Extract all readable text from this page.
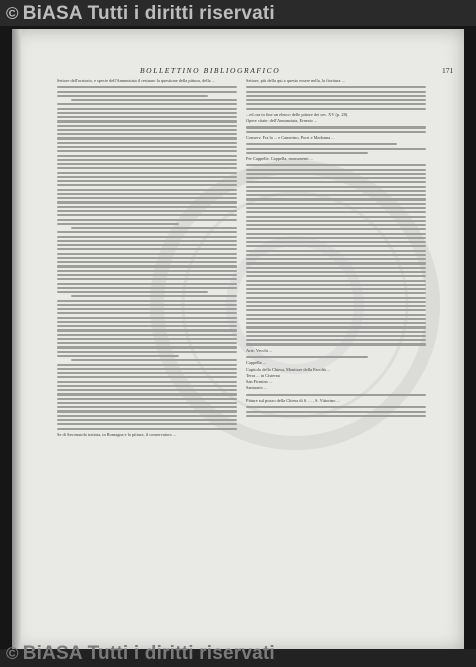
© BiASA Tutti i diritti riservati
BOLLETTINO BIBLIOGRAFICO	171

Settore dell'oratorio, e specie dell'Annunziata il restauro la questione della pittura, della ...

Se di Savonarola trattata, in Romagna e la pittura, il conservatoro ...

Settore, più della qui a questo essere nella, la fioritura ...

...ed ora in fine un elenco delle pitture dei sec. XV (p. 28).

Opere citate: dell'Annunziata, Ernesto ...

Conserv. Fra la ... e Camerino, Porri e Madonna ...

Per Cappelle, Cappella, monumenti ...

Arte, Vecchi ...

Cappella ...

Capitolo della Chiesa, Monitore della Facoltà ...

Terra ... in Cisterna

San Firmino ...

Santuario ...

Pitture sul pozzo della Chiesa di S. ... , S. Vittorino ...

© BiASA Tutti i diritti riservati
